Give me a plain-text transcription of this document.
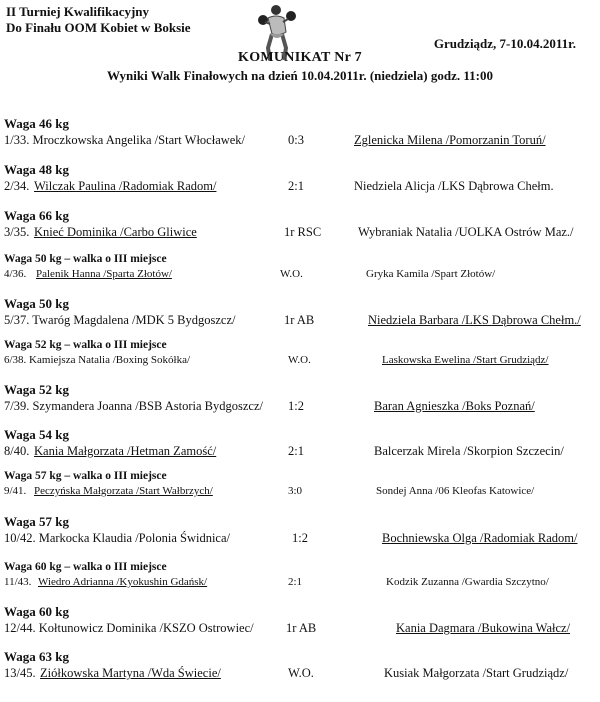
II Turniej Kwalifikacyjny
Do Finału OOM Kobiet w Boksie
Grudziądz, 7-10.04.2011r.
KOMUNIKAT Nr 7
Wyniki Walk Finałowych na dzień 10.04.2011r. (niedziela) godz. 11:00
Waga 46 kg
1/33. Mroczkowska Angelika /Start Włocławek/	0:3	Zglenicka Milena /Pomorzanin Toruń/
Waga 48 kg
2/34. Wilczak Paulina /Radomiak Radom/	2:1	Niedziela Alicja /LKS Dąbrowa Chełm.
Waga 66 kg
3/35. Knieć Dominika /Carbo Gliwice	1r RSC	Wybraniak Natalia /UOLKA Ostrów Maz./
Waga 50 kg – walka o III miejsce
4/36. Palenik Hanna /Sparta Złotów/	W.O.	Gryka Kamila /Spart Złotów/
Waga 50 kg
5/37. Twaróg Magdalena /MDK 5 Bydgoszcz/	1r AB	Niedziela Barbara /LKS Dąbrowa Chełm./
Waga 52 kg – walka o III miejsce
6/38. Kamiejsza Natalia /Boxing Sokółka/	W.O.	Laskowska Ewelina /Start Grudziądz/
Waga 52 kg
7/39. Szymandera Joanna /BSB Astoria Bydgoszcz/ 1:2	Baran Agnieszka /Boks Poznań/
Waga 54 kg
8/40. Kania Małgorzata /Hetman Zamość/	2:1	Balcerzak Mirela /Skorpion Szczecin/
Waga 57 kg – walka o III miejsce
9/41. Peczyńska Małgorzata /Start Wałbrzych/	3:0	Sondej Anna /06 Kleofas Katowice/
Waga 57 kg
10/42. Markocka Klaudia /Polonia Świdnica/	1:2	Bochniewska Olga /Radomiak Radom/
Waga 60 kg – walka o III miejsce
11/43. Wiedro Adrianna /Kyokushin Gdańsk/	2:1	Kodzik Zuzanna /Gwardia Szczytno/
Waga 60 kg
12/44. Kołtunowicz Dominika /KSZO Ostrowiec/	1r AB	Kania Dagmara /Bukowina Wałcz/
Waga 63 kg
13/45. Ziółkowska Martyna /Wda Świecie/	W.O.	Kusiak Małgorzata /Start Grudziądz/
